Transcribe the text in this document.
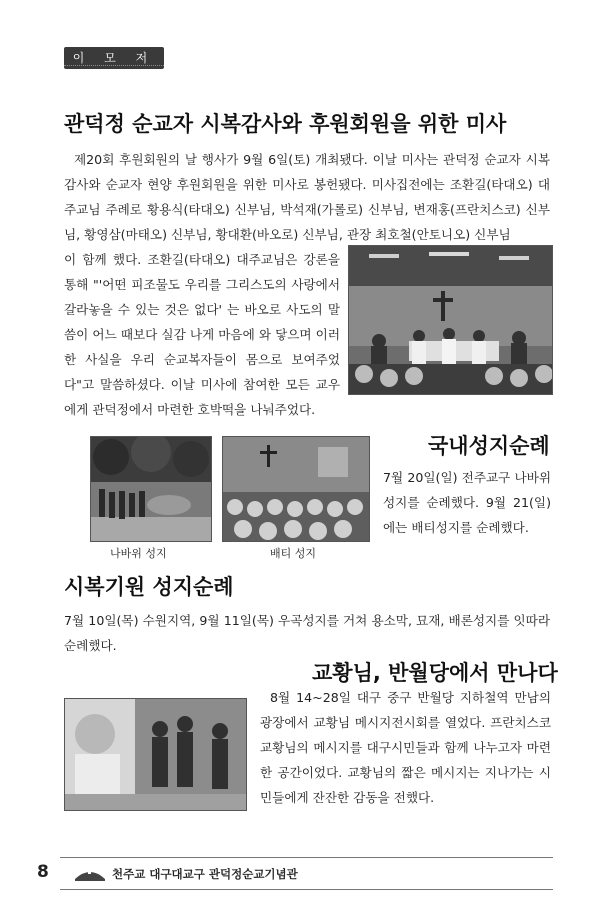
이 모 저 모
관덕정 순교자 시복감사와 후원회원을 위한 미사
제20회 후원회원의 날 행사가 9월 6일(토) 개최됐다. 이날 미사는 관덕정 순교자 시복감사와 순교자 현양 후원회원을 위한 미사로 봉헌됐다. 미사집전에는 조환길(타대오) 대주교님 주례로 황용식(타대오) 신부님, 박석재(가롤로) 신부님, 변재홍(프란치스코) 신부님, 황영삼(마태오) 신부님, 황대환(바오로) 신부님, 관장 최호철(안토니오) 신부님
이 함께 했다. 조환길(타대오) 대주교님은 강론을 통해 "'어떤 피조물도 우리를 그리스도의 사랑에서 갈라놓을 수 있는 것은 없다' 는 바오로 사도의 말씀이 어느 때보다 실감 나게 마음에 와 닿으며 이러한 사실을 우리 순교복자들이 몸으로 보여주었다"고 말씀하셨다. 이날 미사에 참여한 모든 교우에게 관덕정에서 마련한 호박떡을 나눠주었다.
나바위 성지	배티 성지
국내성지순례
7월 20일(일) 전주교구 나바위 성지를 순례했다. 9월 21(일)에는 배티성지를 순례했다.
시복기원 성지순례
7월 10일(목) 수원지역, 9월 11일(목) 우곡성지를 거쳐 용소막, 묘재, 배론성지를 잇따라 순례했다.
교황님, 반월당에서 만나다
8월 14~28일 대구 중구 반월당 지하철역 만남의 광장에서 교황님 메시지전시회를 열었다. 프란치스코 교황님의 메시지를 대구시민들과 함께 나누고자 마련한 공간이었다. 교황님의 짧은 메시지는 지나가는 시민들에게 잔잔한 감동을 전했다.
8	천주교 대구대교구 관덕정순교기념관
